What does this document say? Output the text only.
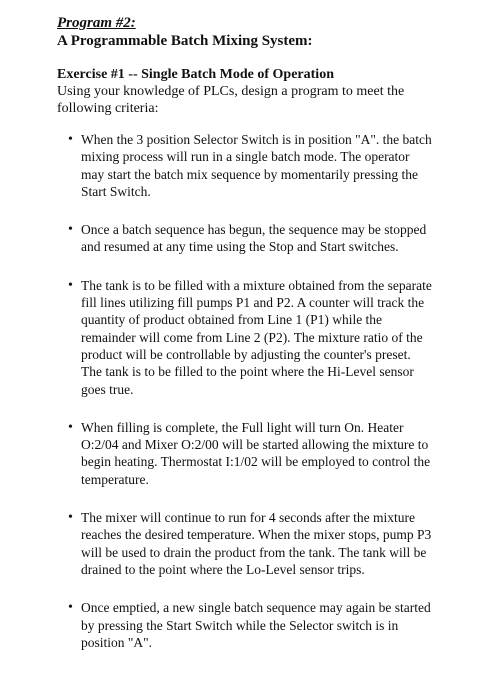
Program #2:
A Programmable Batch Mixing System:
Exercise #1 -- Single Batch Mode of Operation
Using your knowledge of PLCs, design a program to meet the following criteria:
• When the 3 position Selector Switch is in position "A". the batch mixing process will run in a single batch mode. The operator may start the batch mix sequence by momentarily pressing the Start Switch.
• Once a batch sequence has begun, the sequence may be stopped and resumed at any time using the Stop and Start switches.
• The tank is to be filled with a mixture obtained from the separate fill lines utilizing fill pumps P1 and P2. A counter will track the quantity of product obtained from Line 1 (P1) while the remainder will come from Line 2 (P2). The mixture ratio of the product will be controllable by adjusting the counter's preset. The tank is to be filled to the point where the Hi-Level sensor goes true.
• When filling is complete, the Full light will turn On. Heater O:2/04 and Mixer O:2/00 will be started allowing the mixture to begin heating. Thermostat I:1/02 will be employed to control the temperature.
• The mixer will continue to run for 4 seconds after the mixture reaches the desired temperature. When the mixer stops, pump P3 will be used to drain the product from the tank. The tank will be drained to the point where the Lo-Level sensor trips.
• Once emptied, a new single batch sequence may again be started by pressing the Start Switch while the Selector switch is in position "A".
